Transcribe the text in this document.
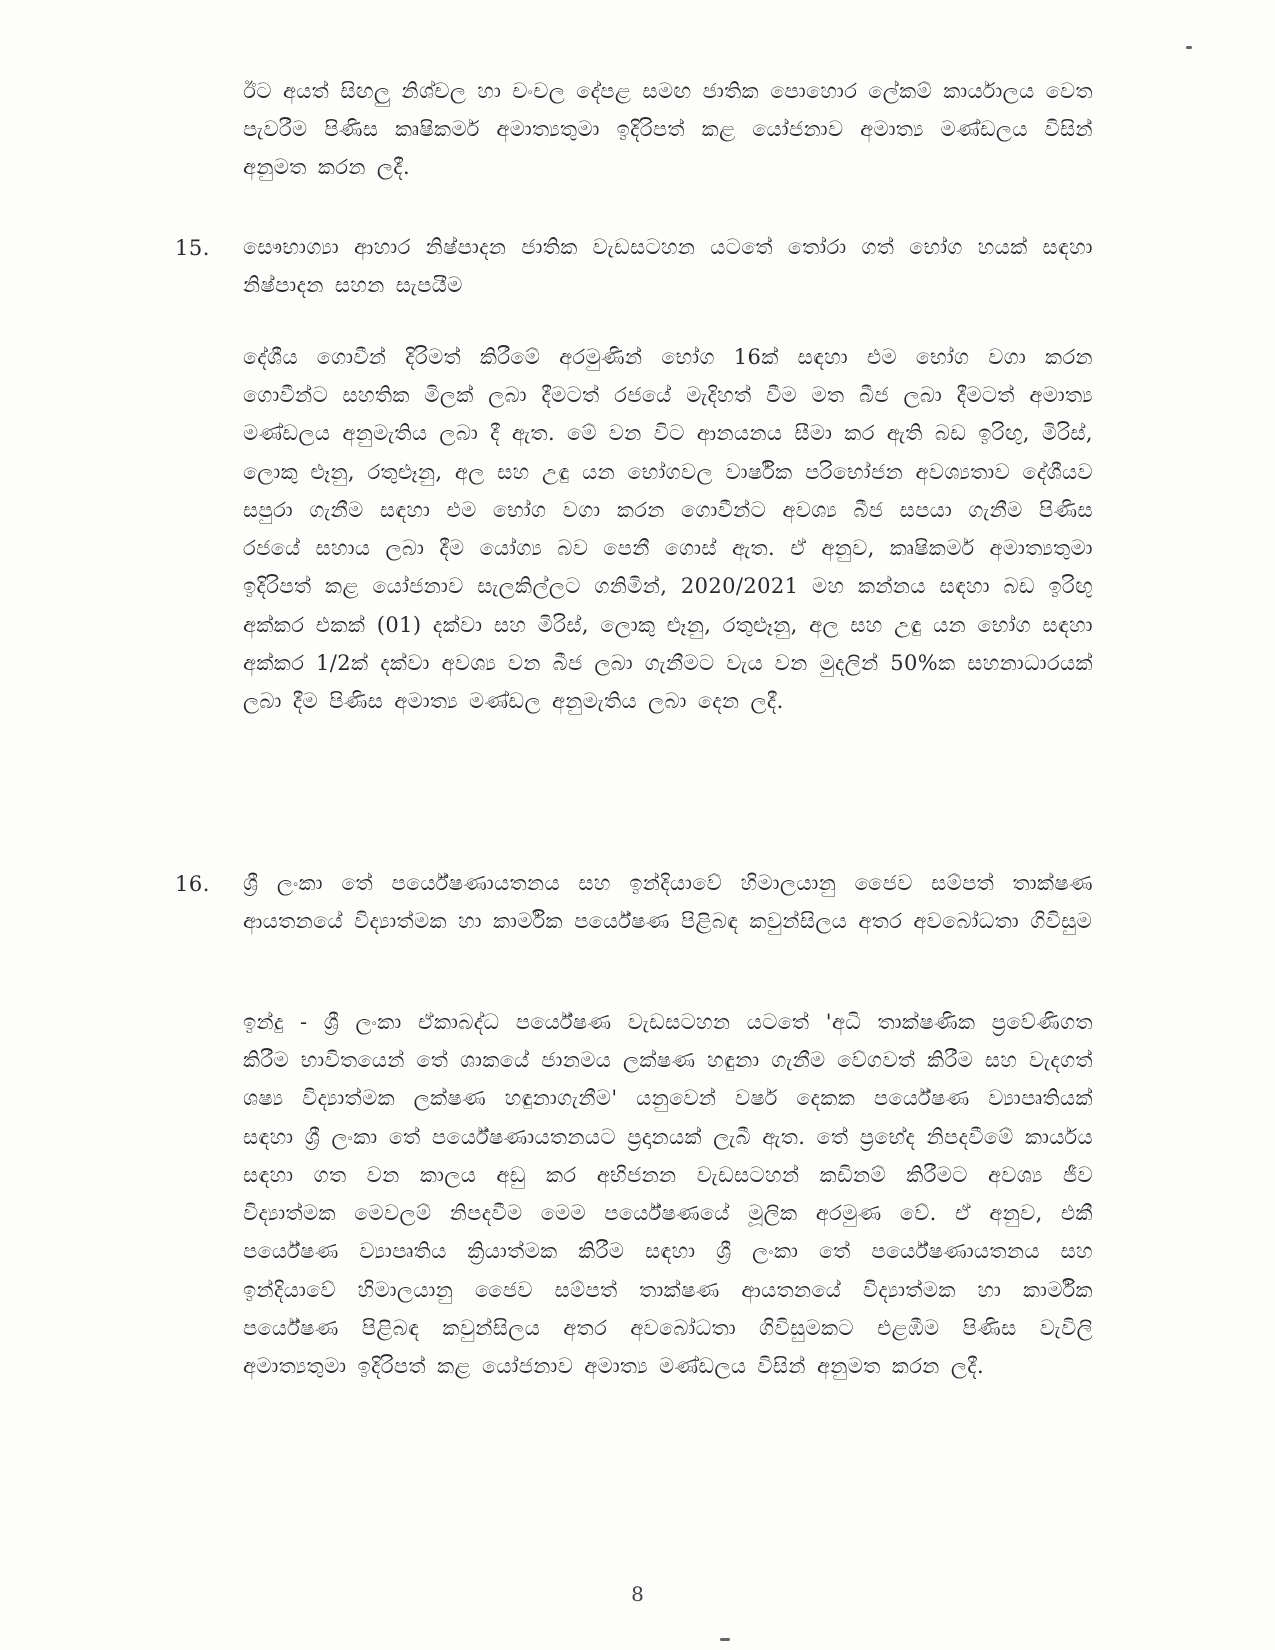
ඊට අයත් සිඟලු නිශ්චල හා චංචල දේපළ සමඟ ජාතික පොහොර ලේකම් කාර්යාලය වෙත පැවරීම පිණිස කෘෂිකර්ම අමාත්‍යතුමා ඉදිරිපත් කළ යෝජනාව අමාත්‍ය මණ්ඩලය විසින් අනුමත කරන ලදී.

15. සෞභාග්‍යා ආහාර නිෂ්පාදන ජාතික වැඩසටහන යටතේ තෝරා ගත් භෝග හයක් සඳහා නිෂ්පාදන සහන සැපයීම

දේශීය ගොවීන් දිරිමත් කිරීමේ අරමුණින් භෝග 16ක් සඳහා එම භෝග වගා කරන ගොවීන්ට සහතික මිලක් ලබා දීමටත් රජයේ මැදිහත් වීම මත බීජ ලබා දීමටත් අමාත්‍ය මණ්ඩලය අනුමැතිය ලබා දී ඇත. මේ වන විට ආනයනය සීමා කර ඇති බඩ ඉරිඟු, මිරිස්, ලොකු ළූනු, රතුළූනු, අල සහ උඳු යන භෝගවල වාර්ෂික පරිභෝජන අවශ්‍යතාව දේශීයව සපුරා ගැනීම සඳහා එම භෝග වගා කරන ගොවීන්ට අවශ්‍ය බීජ සපයා ගැනීම පිණිස රජයේ සහාය ලබා දීම යෝග්‍ය බව පෙනී ගොස් ඇත. ඒ අනුව, කෘෂිකර්ම අමාත්‍යතුමා ඉදිරිපත් කළ යෝජනාව සැලකිල්ලට ගනිමින්, 2020/2021 මහ කන්නය සඳහා බඩ ඉරිඟු අක්කර එකක් (01) දක්වා සහ මිරිස්, ලොකු ළූනු, රතුළූනු, අල සහ උඳු යන භෝග සඳහා අක්කර 1/2ක් දක්වා අවශ්‍ය වන බීජ ලබා ගැනීමට වැය වන මුදලින් 50%ක සහනාධාරයක් ලබා දීම පිණිස අමාත්‍ය මණ්ඩල අනුමැතිය ලබා දෙන ලදී.

16. ශ්‍රී ලංකා තේ පර්යේෂණායතනය සහ ඉන්දියාවේ හිමාලයානු ජෛව සම්පත් තාක්ෂණ ආයතනයේ විද්‍යාත්මක හා කාර්මික පර්යේෂණ පිළිබඳ කවුන්සිලය අතර අවබෝධතා ගිවිසුම

ඉන්දු - ශ්‍රී ලංකා ඒකාබද්ධ පර්යේෂණ වැඩසටහන යටතේ 'අධි තාක්ෂණික ප්‍රවේණිගත කිරීම භාවිතයෙන් තේ ශාකයේ ජානමය ලක්ෂණ හඳුනා ගැනීම වේගවත් කිරීම සහ වැදගත් ශෂ්‍ය විද්‍යාත්මක ලක්ෂණ හඳුනාගැනීම' යනුවෙන් වර්ෂ දෙකක පර්යේෂණ ව්‍යාපෘතියක් සඳහා ශ්‍රී ලංකා තේ පර්යේෂණායතනයට ප්‍රදානයක් ලැබී ඇත. තේ ප්‍රභේද නිපදවීමේ කාර්යය සඳහා ගත වන කාලය අඩු කර අභිජනන වැඩසටහන් කඩිනම් කිරීමට අවශ්‍ය ජීව විද්‍යාත්මක මෙවලම් නිපදවීම මෙම පර්යේෂණයේ මූලික අරමුණ වේ. ඒ අනුව, එකී පර්යේෂණ ව්‍යාපෘතිය ක්‍රියාත්මක කිරීම සඳහා ශ්‍රී ලංකා තේ පර්යේෂණායතනය සහ ඉන්දියාවේ හිමාලයානු ජෛව සම්පත් තාක්ෂණ ආයතනයේ විද්‍යාත්මක හා කාර්මික පර්යේෂණ පිළිබඳ කවුන්සිලය අතර අවබෝධතා ගිවිසුමකට එළඹීම පිණිස වැවිලි අමාත්‍යතුමා ඉදිරිපත් කළ යෝජනාව අමාත්‍ය මණ්ඩලය විසින් අනුමත කරන ලදී.

8
